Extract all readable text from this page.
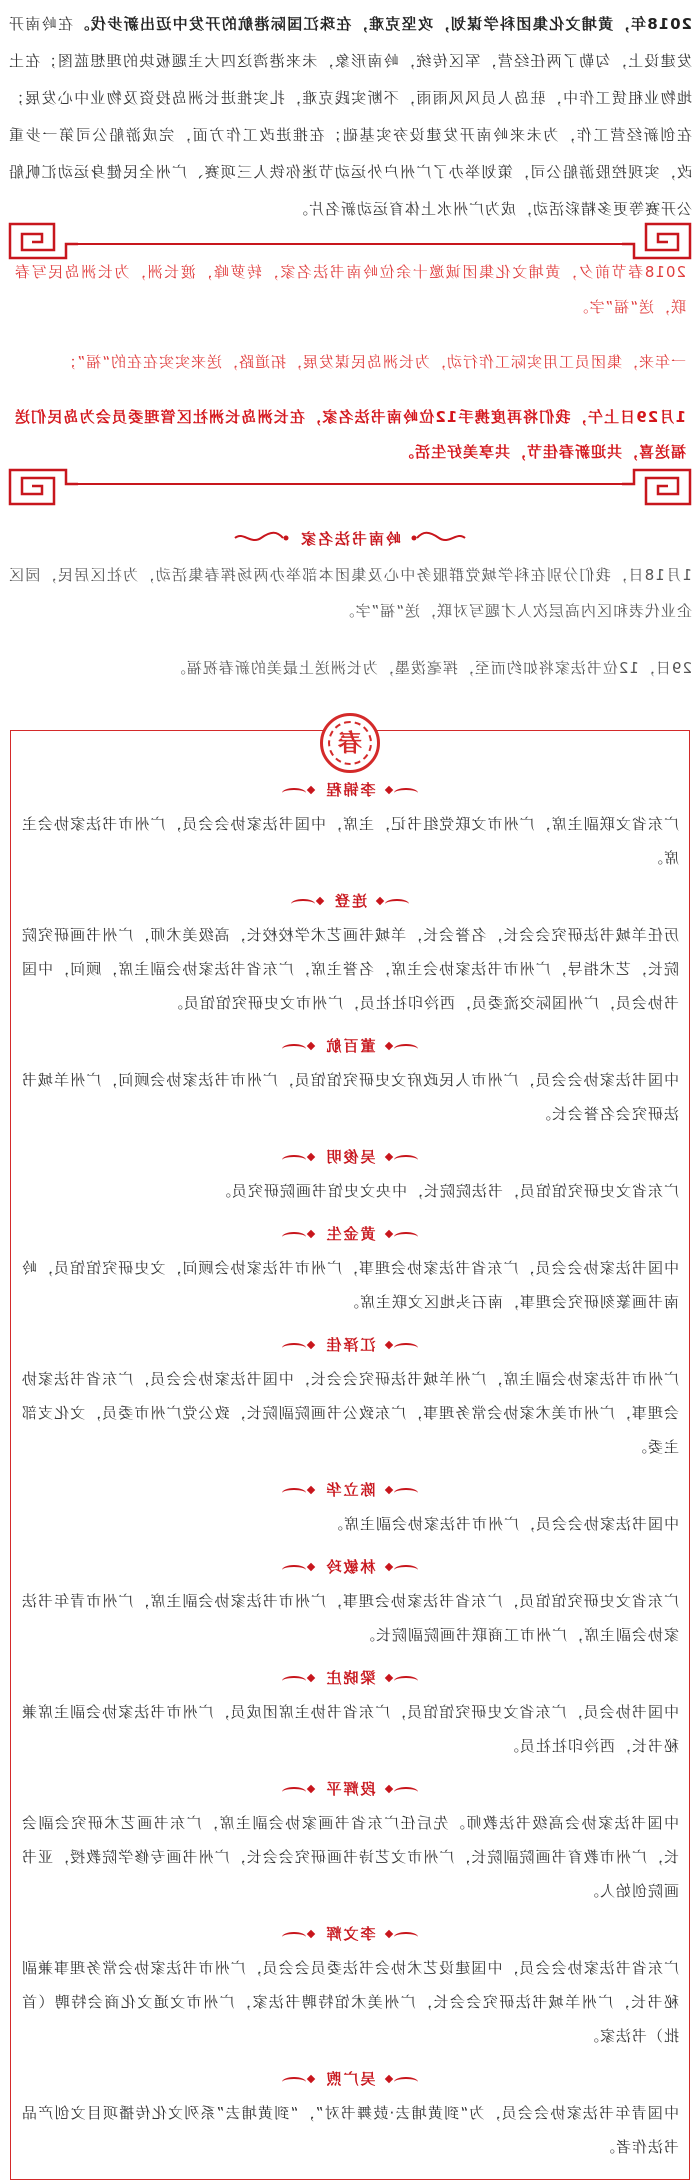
2018年，黄埔文化集团科学谋划，攻坚克难，在珠江国际港航的开发中迈出新步伐。在岭南开发建设上，勾勒了两任经营，军区传统，岭南形象，未来港湾这四大主题板块的理想蓝图；在土地物业租赁工作中，驻岛人员风风雨雨，不断实践克难，扎实推进长洲岛投资及物业中心发展；在创新经营工作，为未来岭南开发建设夯实基础；在推进改工作方面，完成游船公司第一步重改，实现控股游船公司，策划举办了广州户外运动节迷你铁人三项赛、广州全民健身运动汇帆船公开赛等更多精彩活动，成为广州水上体育运动新名片。

2018春节前夕，黄埔文化集团诚邀十余位岭南书法名家，转萝峰，渡长洲，为长洲岛民写春联，送“福”字。

一年来，集团员工用实际工作行动，为长洲岛民谋发展，拓道路，送来实实在在的“福”；

1月29日上午，我们将再度携手12位岭南书法名家，在长洲岛长洲社区管理委员会为岛民们送福送喜，共迎新春佳节，共享美好生活。

岭南书法名家

1月18日，我们分别在科学城党群服务中心及集团本部举办两场挥春集活动，为社区居民，园区企业代表和区内高层次人才题写对联，送“福”字。

29日，12位书法家将如约而至，挥毫泼墨，为长洲送上最美的新春祝福。

春
李锦程

广东省文联副主席，广州市文联党组书记，主席，中国书法家协会会员，广州市书法家协会主席。

连登

历任羊城书法研究会会长，名誉会长，羊城书画艺术学校校长，高级美术师，广州书画研究院院长，艺术指导，广州市书法家协会主席，名誉主席，广东省书法家协会副主席，顾问，中国书协会员，广州国际交流委员，西泠印社社员，广州市文史研究馆馆员。

董百航

中国书法家协会会员，广州市人民政府文史研究馆馆员，广州市书法家协会顾问，广州羊城书法研究会名誉会长。

吴俊明

广东省文史研究馆馆员，书法院院长，中央文史馆书画院研究员。

黄金生

中国书法家协会会员，广东省书法家协会理事，广州市书法家协会顾问，文史研究馆馆员，岭南书画篆刻研究会理事，南石头地区文联主席。

江泽佳

广州市书法家协会副主席，广州羊城书法研究会会长，中国书法家协会会员，广东省书法家协会理事，广州市美术家协会常务理事，广东致公书画院副院长，致公党广州市委员，文化支部主委。

陈立华

中国书法家协会会员，广州市书法家协会副主席。

林敏玲

广东省文史研究馆馆员，广东省书法家协会理事，广州市书法家协会副主席，广州市青年书法家协会副主席，广州市工商联书画院副院长。

梁晓庄

中国书协会员，广东省文史研究馆馆员，广东省书协主席团成员，广州市书法家协会副主席兼秘书长，西泠印社社员。

段辉平

中国书法家协会高级书法教师。先后任广东省书画家协会副主席，广东书画艺术研究会副会长，广州市教育书画院副院长，广州市文艺诗书画研究会会长，广州书画专修学院教授，亚书画院创始人。

李文辉

广东省书法家协会会员，中国建设艺术协会书法委员会会员，广州市书法家协会常务理事兼副秘书长，广州羊城书法研究会会长，广州美术馆特聘书法家，广州市文通文化商会特聘（首批）书法家。

吴广煦

中国青年书法家协会会员，为“到黄埔去·鼓舞书对”，“到黄埔去”系列文化传播项目文创产品书法作者。
